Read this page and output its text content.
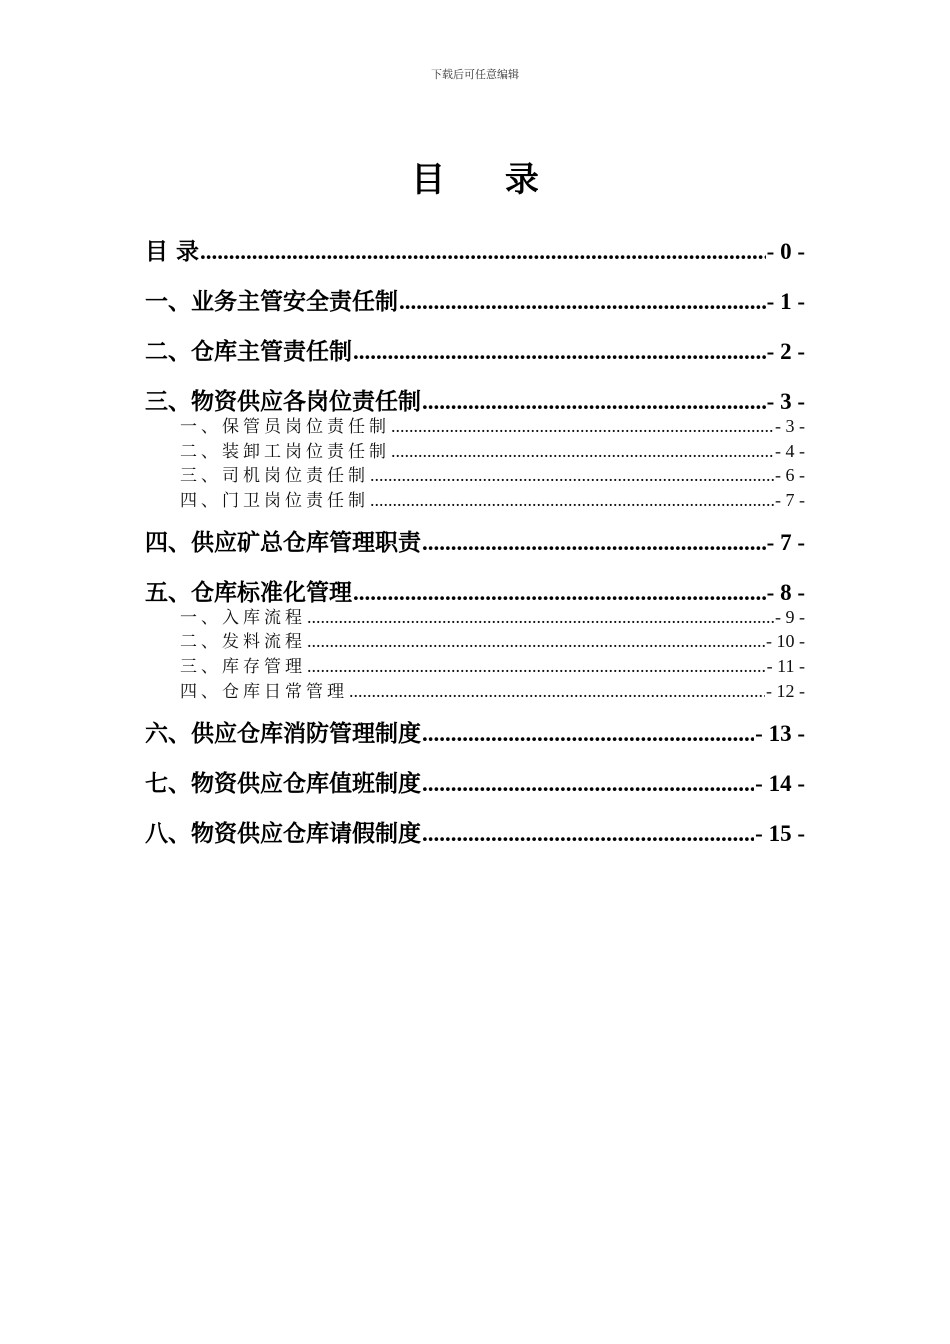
下载后可任意编辑
目 录
目 录 .....	- 0 -
一、业务主管安全责任制 .....	- 1 -
二、仓库主管责任制 .....	- 2 -
三、物资供应各岗位责任制 .....	- 3 -
一、保管员岗位责任制 .....	- 3 -
二、装卸工岗位责任制 .....	- 4 -
三、司机岗位责任制 .....	- 6 -
四、门卫岗位责任制 .....	- 7 -
四、供应矿总仓库管理职责 .....	- 7 -
五、仓库标准化管理 .....	- 8 -
一、入库流程 .....	- 9 -
二、发料流程 .....	- 10 -
三、库存管理 .....	- 11 -
四、仓库日常管理 .....	- 12 -
六、供应仓库消防管理制度 .....	- 13 -
七、物资供应仓库值班制度 .....	- 14 -
八、物资供应仓库请假制度 .....	- 15 -
